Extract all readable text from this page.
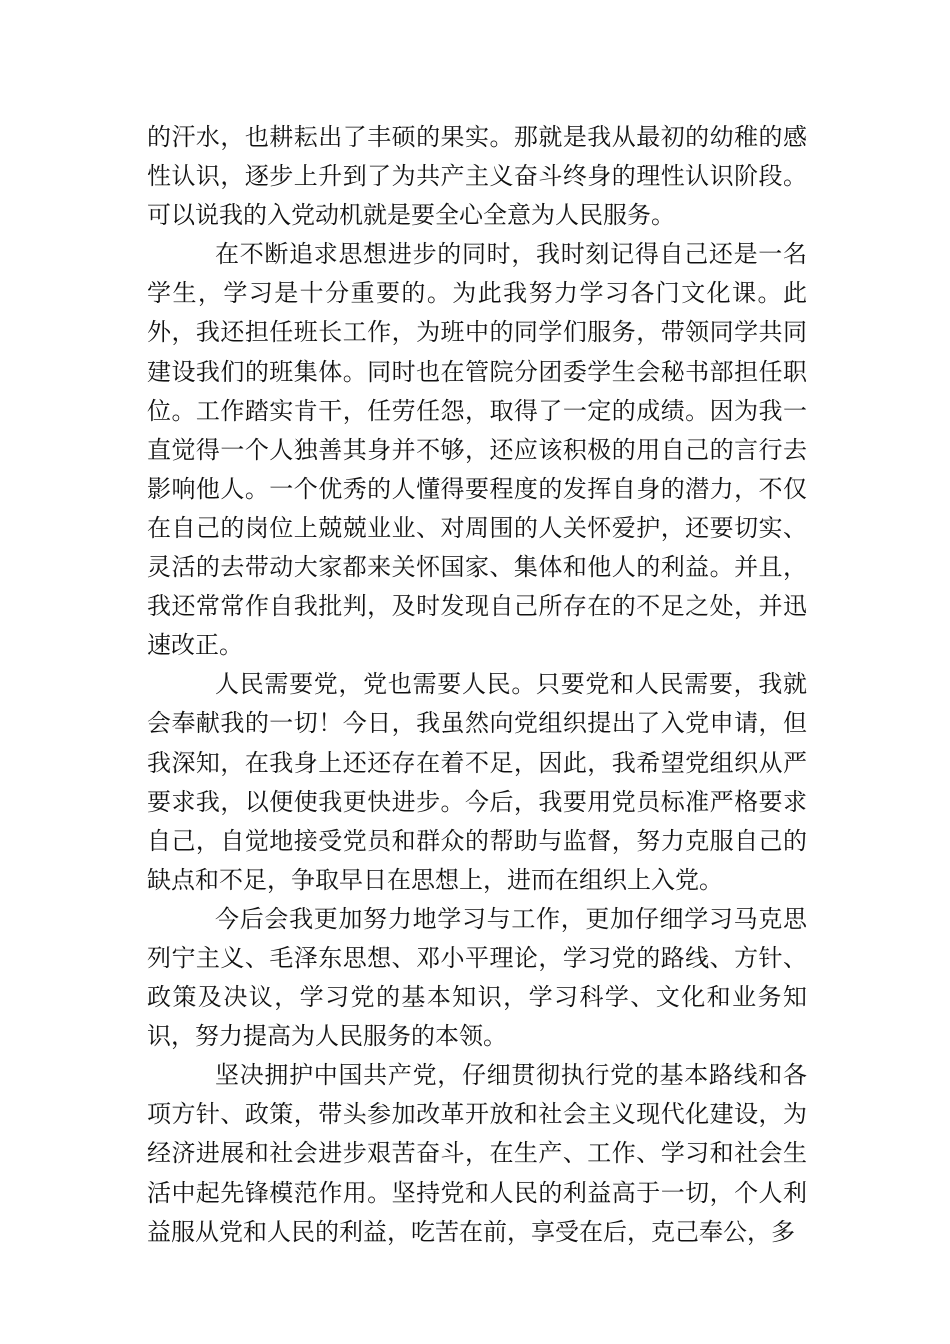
的汗水，也耕耘出了丰硕的果实。那就是我从最初的幼稚的感性认识，逐步上升到了为共产主义奋斗终身的理性认识阶段。可以说我的入党动机就是要全心全意为人民服务。

在不断追求思想进步的同时，我时刻记得自己还是一名学生，学习是十分重要的。为此我努力学习各门文化课。此外，我还担任班长工作，为班中的同学们服务，带领同学共同建设我们的班集体。同时也在管院分团委学生会秘书部担任职位。工作踏实肯干，任劳任怨，取得了一定的成绩。因为我一直觉得一个人独善其身并不够，还应该积极的用自己的言行去影响他人。一个优秀的人懂得要程度的发挥自身的潜力，不仅在自己的岗位上兢兢业业、对周围的人关怀爱护，还要切实、灵活的去带动大家都来关怀国家、集体和他人的利益。并且，我还常常作自我批判，及时发现自己所存在的不足之处，并迅速改正。

人民需要党，党也需要人民。只要党和人民需要，我就会奉献我的一切！今日，我虽然向党组织提出了入党申请，但我深知，在我身上还还存在着不足，因此，我希望党组织从严要求我，以便使我更快进步。今后，我要用党员标准严格要求自己，自觉地接受党员和群众的帮助与监督，努力克服自己的缺点和不足，争取早日在思想上，进而在组织上入党。

今后会我更加努力地学习与工作，更加仔细学习马克思列宁主义、毛泽东思想、邓小平理论，学习党的路线、方针、政策及决议，学习党的基本知识，学习科学、文化和业务知识，努力提高为人民服务的本领。

坚决拥护中国共产党，仔细贯彻执行党的基本路线和各项方针、政策，带头参加改革开放和社会主义现代化建设，为经济进展和社会进步艰苦奋斗，在生产、工作、学习和社会生活中起先锋模范作用。坚持党和人民的利益高于一切，个人利益服从党和人民的利益，吃苦在前，享受在后，克己奉公，多
